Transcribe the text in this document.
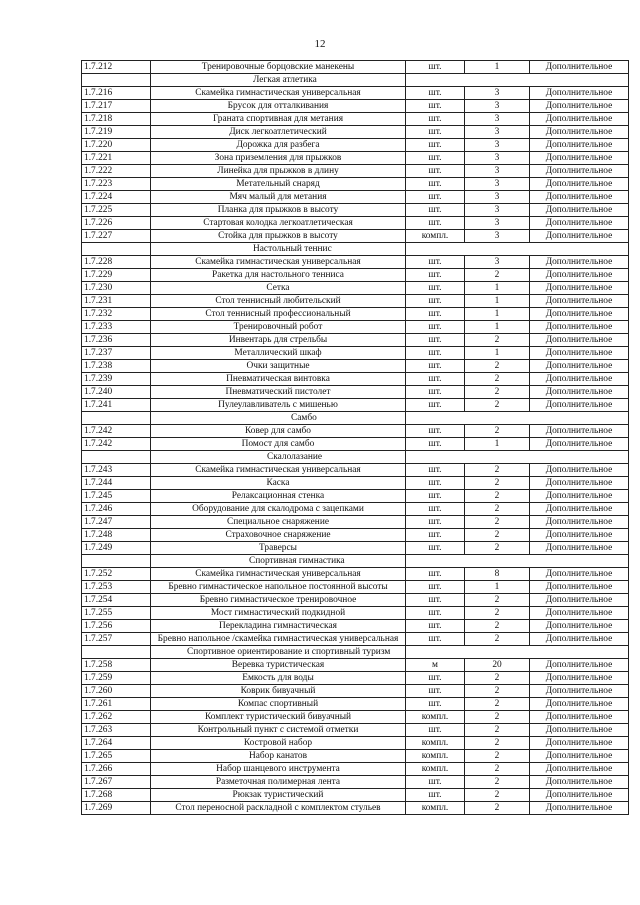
12
1.7.212	Тренировочные борцовские манекены	шт.	1	Дополнительное
	Легкая атлетика			
1.7.216	Скамейка гимнастическая универсальная	шт.	3	Дополнительное
1.7.217	Брусок для отталкивания	шт.	3	Дополнительное
1.7.218	Граната спортивная для метания	шт.	3	Дополнительное
1.7.219	Диск легкоатлетический	шт.	3	Дополнительное
1.7.220	Дорожка для разбега	шт.	3	Дополнительное
1.7.221	Зона приземления для прыжков	шт.	3	Дополнительное
1.7.222	Линейка для прыжков в длину	шт.	3	Дополнительное
1.7.223	Метательный снаряд	шт.	3	Дополнительное
1.7.224	Мяч малый для метания	шт.	3	Дополнительное
1.7.225	Планка для прыжков в высоту	шт.	3	Дополнительное
1.7.226	Стартовая колодка легкоатлетическая	шт.	3	Дополнительное
1.7.227	Стойка для прыжков в высоту	компл.	3	Дополнительное
	Настольный теннис			
1.7.228	Скамейка гимнастическая универсальная	шт.	3	Дополнительное
1.7.229	Ракетка для настольного тенниса	шт.	2	Дополнительное
1.7.230	Сетка	шт.	1	Дополнительное
1.7.231	Стол теннисный любительский	шт.	1	Дополнительное
1.7.232	Стол теннисный профессиональный	шт.	1	Дополнительное
1.7.233	Тренировочный робот	шт.	1	Дополнительное
1.7.236	Инвентарь для стрельбы	шт.	2	Дополнительное
1.7.237	Металлический шкаф	шт.	1	Дополнительное
1.7.238	Очки защитные	шт.	2	Дополнительное
1.7.239	Пневматическая винтовка	шт.	2	Дополнительное
1.7.240	Пневматический пистолет	шт.	2	Дополнительное
1.7.241	Пулеулавливатель с мишенью	шт.	2	Дополнительное
	Самбо			
1.7.242	Ковер для самбо	шт.	2	Дополнительное
1.7.242	Помост для самбо	шт.	1	Дополнительное
	Скалолазание			
1.7.243	Скамейка гимнастическая универсальная	шт.	2	Дополнительное
1.7.244	Каска	шт.	2	Дополнительное
1.7.245	Релаксационная стенка	шт.	2	Дополнительное
1.7.246	Оборудование для скалодрома с зацепками	шт.	2	Дополнительное
1.7.247	Специальное снаряжение	шт.	2	Дополнительное
1.7.248	Страховочное снаряжение	шт.	2	Дополнительное
1.7.249	Траверсы	шт.	2	Дополнительное
	Спортивная гимнастика			
1.7.252	Скамейка гимнастическая универсальная	шт.	8	Дополнительное
1.7.253	Бревно гимнастическое напольное постоянной высоты	шт.	1	Дополнительное
1.7.254	Бревно гимнастическое тренировочное	шт.	2	Дополнительное
1.7.255	Мост гимнастический подкидной	шт.	2	Дополнительное
1.7.256	Перекладина гимнастическая	шт.	2	Дополнительное
1.7.257	Бревно напольное /скамейка гимнастическая универсальная	шт.	2	Дополнительное
	Спортивное ориентирование и спортивный туризм			
1.7.258	Веревка туристическая	м	20	Дополнительное
1.7.259	Емкость для воды	шт.	2	Дополнительное
1.7.260	Коврик бивуачный	шт.	2	Дополнительное
1.7.261	Компас спортивный	шт.	2	Дополнительное
1.7.262	Комплект туристический бивуачный	компл.	2	Дополнительное
1.7.263	Контрольный пункт с системой отметки	шт.	2	Дополнительное
1.7.264	Костровой набор	компл.	2	Дополнительное
1.7.265	Набор канатов	компл.	2	Дополнительное
1.7.266	Набор шанцевого инструмента	компл.	2	Дополнительное
1.7.267	Разметочная полимерная лента	шт.	2	Дополнительное
1.7.268	Рюкзак туристический	шт.	2	Дополнительное
1.7.269	Стол переносной раскладной с комплектом стульев	компл.	2	Дополнительное
